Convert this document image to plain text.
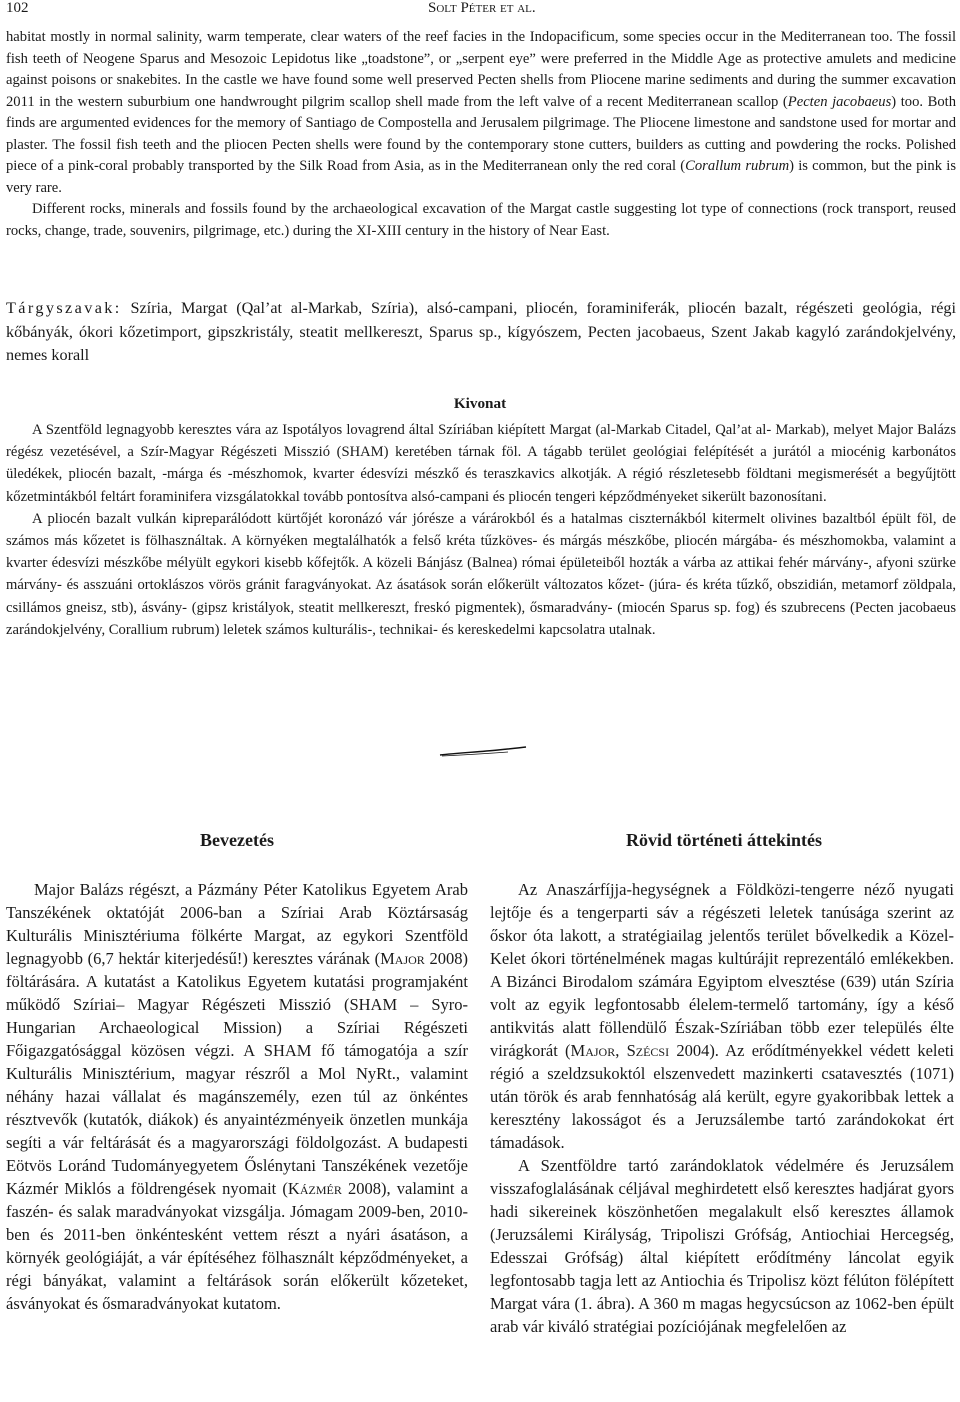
102	Solt Péter et al.

habitat mostly in normal salinity, warm temperate, clear waters of the reef facies in the Indopacificum, some species occur in the Mediterranean too. The fossil fish teeth of Neogene Sparus and Mesozoic Lepidotus like „toadstone”, or „serpent eye” were preferred in the Middle Age as protective amulets and medicine against poisons or snakebites. In the castle we have found some well preserved Pecten shells from Pliocene marine sediments and during the summer excavation 2011 in the western suburbium one handwrought pilgrim scallop shell made from the left valve of a recent Mediterranean scallop (Pecten jacobaeus) too. Both finds are argumented evidences for the memory of Santiago de Compostella and Jerusalem pilgrimage. The Pliocene limestone and sandstone used for mortar and plaster. The fossil fish teeth and the pliocen Pecten shells were found by the contemporary stone cutters, builders as cutting and powdering the rocks. Polished piece of a pink-coral probably transported by the Silk Road from Asia, as in the Mediterranean only the red coral (Corallum rubrum) is common, but the pink is very rare.

Different rocks, minerals and fossils found by the archaeological excavation of the Margat castle suggesting lot type of connections (rock transport, reused rocks, change, trade, souvenirs, pilgrimage, etc.) during the XI-XIII century in the history of Near East.

Tárgyszavak: Szíria, Margat (Qal’at al-Markab, Szíria), alsó-campani, pliocén, foraminiferák, pliocén bazalt, régészeti geológia, régi kőbányák, ókori kőzetimport, gipszkristály, steatit mellkereszt, Sparus sp., kígyószem, Pecten jacobaeus, Szent Jakab kagyló zarándokjelvény, nemes korall
Kivonat

A Szentföld legnagyobb keresztes vára az Ispotályos lovagrend által Szíriában kiépített Margat (al-Markab Citadel, Qal’at al- Markab), melyet Major Balázs régész vezetésével, a Szír-Magyar Régészeti Misszió (SHAM) keretében tárnak föl. A tágabb terület geológiai felépítését a jurától a miocénig karbonátos üledékek, pliocén bazalt, -márga és -mészhomok, kvarter édesvízi mészkő és teraszkavics alkotják. A régió részletesebb földtani megismerését a begyűjtött kőzetmintákból feltárt foraminifera vizsgálatokkal tovább pontosítva alsó-campani és pliocén tengeri képződményeket sikerült bazonosítani.

A pliocén bazalt vulkán kipreparálódott kürtőjét koronázó vár jórésze a várárokból és a hatalmas ciszternákból kitermelt olivines bazaltból épült föl, de számos más kőzetet is fölhasználtak. A környéken megtalálhatók a felső kréta tűzköves- és márgás mészkőbe, pliocén márgába- és mészhomokba, valamint a kvarter édesvízi mészkőbe mélyült egykori kisebb kőfejtők. A közeli Bánjász (Balnea) római épületeiből hozták a várba az attikai fehér márvány-, afyoni szürke márvány- és asszuáni ortoklászos vörös gránit faragványokat. Az ásatások során előkerült változatos kőzet- (júra- és kréta tűzkő, obszidián, metamorf zöldpala, csillámos gneisz, stb), ásvány- (gipsz kristályok, steatit mellkereszt, freskó pigmentek), ősmaradvány- (miocén Sparus sp. fog) és szubrecens (Pecten jacobaeus zarándokjelvény, Corallium rubrum) leletek számos kulturális-, technikai- és kereskedelmi kapcsolatra utalnak.

Bevezetés	Rövid történeti áttekintés

Major Balázs régészt, a Pázmány Péter Katolikus Egyetem Arab Tanszékének oktatóját 2006-ban a Szíriai Arab Köztársaság Kulturális Minisztériuma fölkérte Margat, az egykori Szentföld legnagyobb (6,7 hektár kiterjedésű!) keresztes várának (Major 2008) föltárására. A kutatást a Katolikus Egyetem kutatási programjaként működő Szíriai– Magyar Régészeti Misszió (SHAM – Syro-Hungarian Archaeological Mission) a Szíriai Régészeti Főigazgatósággal közösen végzi. A SHAM fő támogatója a szír Kulturális Minisztérium, magyar részről a Mol NyRt., valamint néhány hazai vállalat és magánszemély, ezen túl az önkéntes résztvevők (kutatók, diákok) és anyaintézményeik önzetlen munkája segíti a vár feltárását és a magyarországi földolgozást. A budapesti Eötvös Loránd Tudományegyetem Őslénytani Tanszékének vezetője Kázmér Miklós a földrengések nyomait (Kázmér 2008), valamint a faszén- és salak maradványokat vizsgálja. Jómagam 2009-ben, 2010-ben és 2011-ben önkéntesként vettem részt a nyári ásatáson, a környék geológiáját, a vár építéséhez fölhasznált képződményeket, a régi bányákat, valamint a feltárások során előkerült kőzeteket, ásványokat és ősmaradványokat kutatom.

Az Anaszárfíjja-hegységnek a Földközi-tengerre néző nyugati lejtője és a tengerparti sáv a régészeti leletek tanúsága szerint az őskor óta lakott, a stratégiailag jelentős terület bővelkedik a Közel-Kelet ókori történelmének magas kultúrájit reprezentáló emlékekben. A Bizánci Birodalom számára Egyiptom elvesztése (639) után Szíria volt az egyik legfontosabb élelem-termelő tartomány, így a késő antikvitás alatt föllendülő Észak-Szíriában több ezer település élte virágkorát (Major, Szécsi 2004). Az erődítményekkel védett keleti régió a szeldzsukoktól elszenvedett mazinkerti csatavesztés (1071) után török és arab fennhatóság alá került, egyre gyakoribbak lettek a keresztény lakosságot és a Jeruzsálembe tartó zarándokokat ért támadások.

A Szentföldre tartó zarándoklatok védelmére és Jeruzsálem visszafoglalásának céljával meghirdetett első keresztes hadjárat gyors hadi sikereinek köszönhetően megalakult első keresztes államok (Jeruzsálemi Királyság, Tripoliszi Grófság, Antiochiai Hercegség, Edesszai Grófság) által kiépített erődítmény láncolat egyik legfontosabb tagja lett az Antiochia és Tripolisz közt félúton fölépített Margat vára (1. ábra). A 360 m magas hegycsúcson az 1062-ben épült arab vár kiváló stratégiai pozíciójának megfelelően az
